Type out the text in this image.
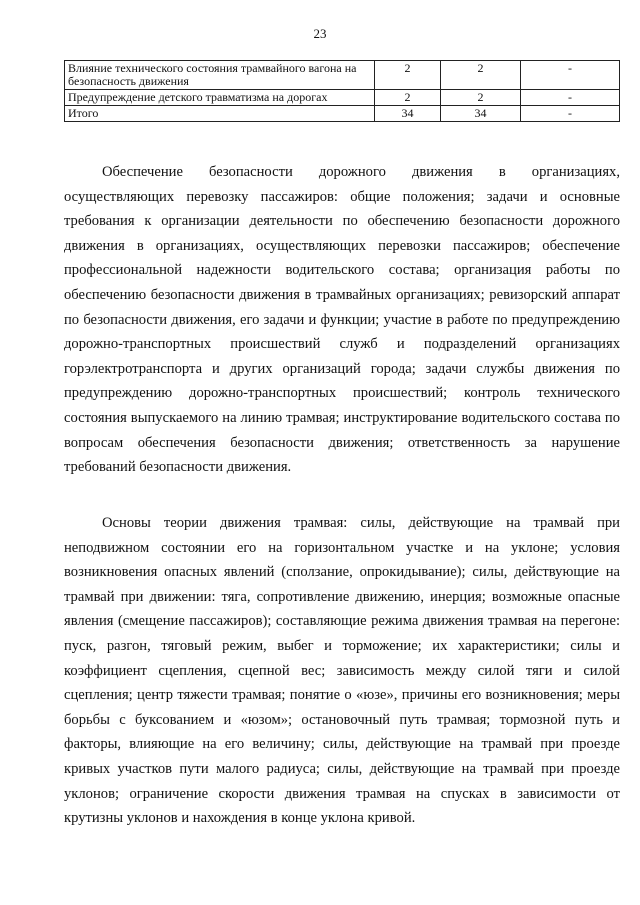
23
Влияние технического состояния трамвайного вагона на безопасность движения	2	2	-
Предупреждение детского травматизма на дорогах	2	2	-
Итого	34	34	-

Обеспечение безопасности дорожного движения в организациях, осуществляющих перевозку пассажиров: общие положения; задачи и основные требования к организации деятельности по обеспечению безопасности дорожного движения в организациях, осуществляющих перевозки пассажиров; обеспечение профессиональной надежности водительского состава; организация работы по обеспечению безопасности движения в трамвайных организациях; ревизорский аппарат по безопасности движения, его задачи и функции; участие в работе по предупреждению дорожно-транспортных происшествий служб и подразделений организациях горэлектротранспорта и других организаций города; задачи службы движения по предупреждению дорожно-транспортных происшествий; контроль технического состояния выпускаемого на линию трамвая; инструктирование водительского состава по вопросам обеспечения безопасности движения; ответственность за нарушение требований безопасности движения.

Основы теории движения трамвая: силы, действующие на трамвай при неподвижном состоянии его на горизонтальном участке и на уклоне; условия возникновения опасных явлений (сползание, опрокидывание); силы, действующие на трамвай при движении: тяга, сопротивление движению, инерция; возможные опасные явления (смещение пассажиров); составляющие режима движения трамвая на перегоне: пуск, разгон, тяговый режим, выбег и торможение; их характеристики; силы и коэффициент сцепления, сцепной вес; зависимость между силой тяги и силой сцепления; центр тяжести трамвая; понятие о «юзе», причины его возникновения; меры борьбы с буксованием и «юзом»; остановочный путь трамвая; тормозной путь и факторы, влияющие на его величину; силы, действующие на трамвай при проезде кривых участков пути малого радиуса; силы, действующие на трамвай при проезде уклонов; ограничение скорости движения трамвая на спусках в зависимости от крутизны уклонов и нахождения в конце уклона кривой.
